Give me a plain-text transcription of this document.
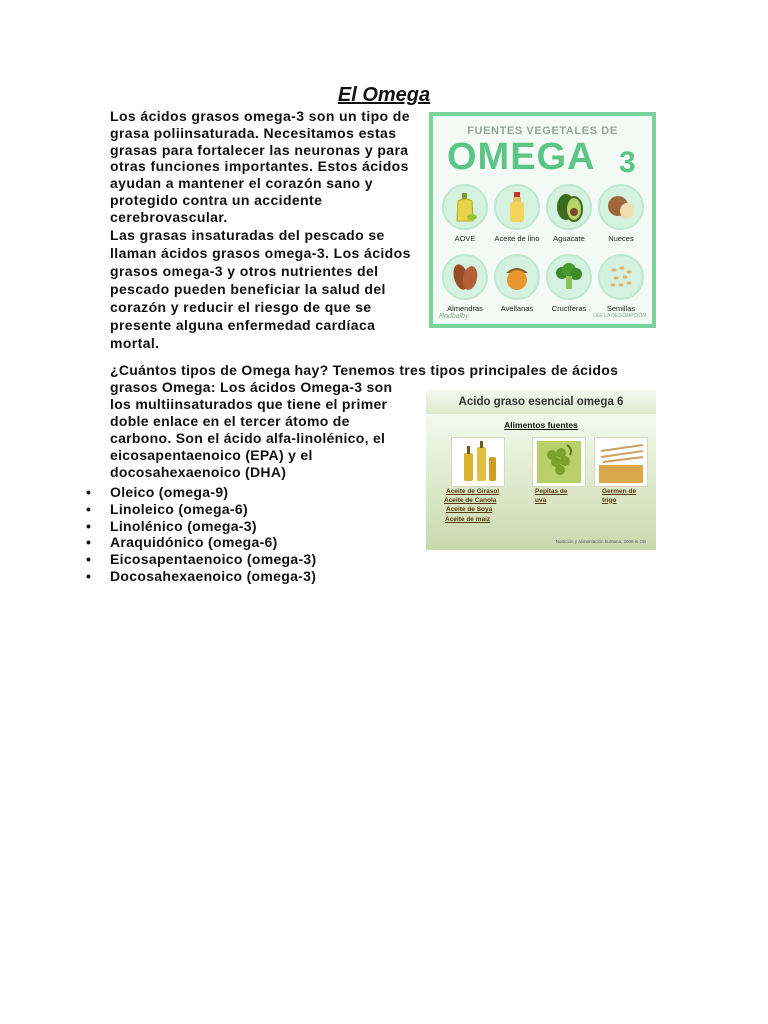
El Omega
Los ácidos grasos omega-3 son un tipo de grasa poliinsaturada. Necesitamos estas grasas para fortalecer las neuronas y para otras funciones importantes. Estos ácidos ayudan a mantener el corazón sano y protegido contra un accidente cerebrovascular.
Las grasas insaturadas del pescado se llaman ácidos grasos omega-3. Los ácidos grasos omega-3 y otros nutrientes del pescado pueden beneficiar la salud del corazón y reducir el riesgo de que se presente alguna enfermedad cardíaca mortal.
¿Cuántos tipos de Omega hay? Tenemos tres tipos principales de ácidos
grasos Omega: Los ácidos Omega-3 son los multiinsaturados que tiene el primer doble enlace en el tercer átomo de carbono. Son el ácido alfa-linolénico, el eicosapentaenoico (EPA) y el docosahexaenoico (DHA)
• Oleico (omega-9)
• Linoleico (omega-6)
• Linolénico (omega-3)
• Araquidónico (omega-6)
• Eicosapentaenoico (omega-3)
• Docosahexaenoico (omega-3)
FUENTES VEGETALES DE
OMEGA 3
AOVE	Aceite de lino	Aguacate	Nueces
Almendras	Avellanas	Crucíferas	Semillas
Rodbalby	LEE LA DESCRIPCIÓN
Acido graso esencial omega 6
Alimentos fuentes
Aceite de Girasol
Aceite de Canola
Aceite de Soya
Aceite de maíz
Pepitas de uva
Germen de trigo
Nutrición y alimentación humana, 2006 in OB
